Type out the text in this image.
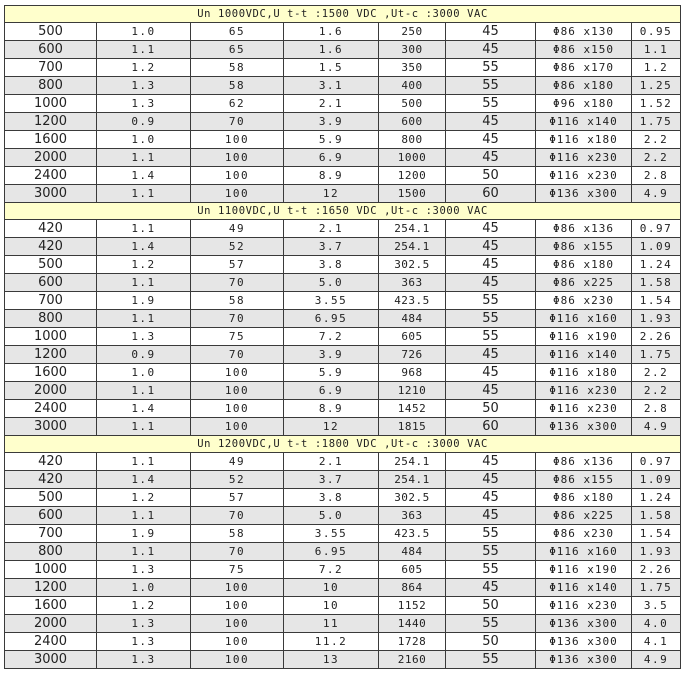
Un 1000VDC,U t-t :1500 VDC ,Ut-c :3000 VAC							
500	1.0	65	1.6	250	45	Φ86 x130	0.95
600	1.1	65	1.6	300	45	Φ86 x150	1.1
700	1.2	58	1.5	350	55	Φ86 x170	1.2
800	1.3	58	3.1	400	55	Φ86 x180	1.25
1000	1.3	62	2.1	500	55	Φ96 x180	1.52
1200	0.9	70	3.9	600	45	Φ116 x140	1.75
1600	1.0	100	5.9	800	45	Φ116 x180	2.2
2000	1.1	100	6.9	1000	45	Φ116 x230	2.2
2400	1.4	100	8.9	1200	50	Φ116 x230	2.8
3000	1.1	100	12	1500	60	Φ136 x300	4.9
Un 1100VDC,U t-t :1650 VDC ,Ut-c :3000 VAC							
420	1.1	49	2.1	254.1	45	Φ86 x136	0.97
420	1.4	52	3.7	254.1	45	Φ86 x155	1.09
500	1.2	57	3.8	302.5	45	Φ86 x180	1.24
600	1.1	70	5.0	363	45	Φ86 x225	1.58
700	1.9	58	3.55	423.5	55	Φ86 x230	1.54
800	1.1	70	6.95	484	55	Φ116 x160	1.93
1000	1.3	75	7.2	605	55	Φ116 x190	2.26
1200	0.9	70	3.9	726	45	Φ116 x140	1.75
1600	1.0	100	5.9	968	45	Φ116 x180	2.2
2000	1.1	100	6.9	1210	45	Φ116 x230	2.2
2400	1.4	100	8.9	1452	50	Φ116 x230	2.8
3000	1.1	100	12	1815	60	Φ136 x300	4.9
Un 1200VDC,U t-t :1800 VDC ,Ut-c :3000 VAC							
420	1.1	49	2.1	254.1	45	Φ86 x136	0.97
420	1.4	52	3.7	254.1	45	Φ86 x155	1.09
500	1.2	57	3.8	302.5	45	Φ86 x180	1.24
600	1.1	70	5.0	363	45	Φ86 x225	1.58
700	1.9	58	3.55	423.5	55	Φ86 x230	1.54
800	1.1	70	6.95	484	55	Φ116 x160	1.93
1000	1.3	75	7.2	605	55	Φ116 x190	2.26
1200	1.0	100	10	864	45	Φ116 x140	1.75
1600	1.2	100	10	1152	50	Φ116 x230	3.5
2000	1.3	100	11	1440	55	Φ136 x300	4.0
2400	1.3	100	11.2	1728	50	Φ136 x300	4.1
3000	1.3	100	13	2160	55	Φ136 x300	4.9
